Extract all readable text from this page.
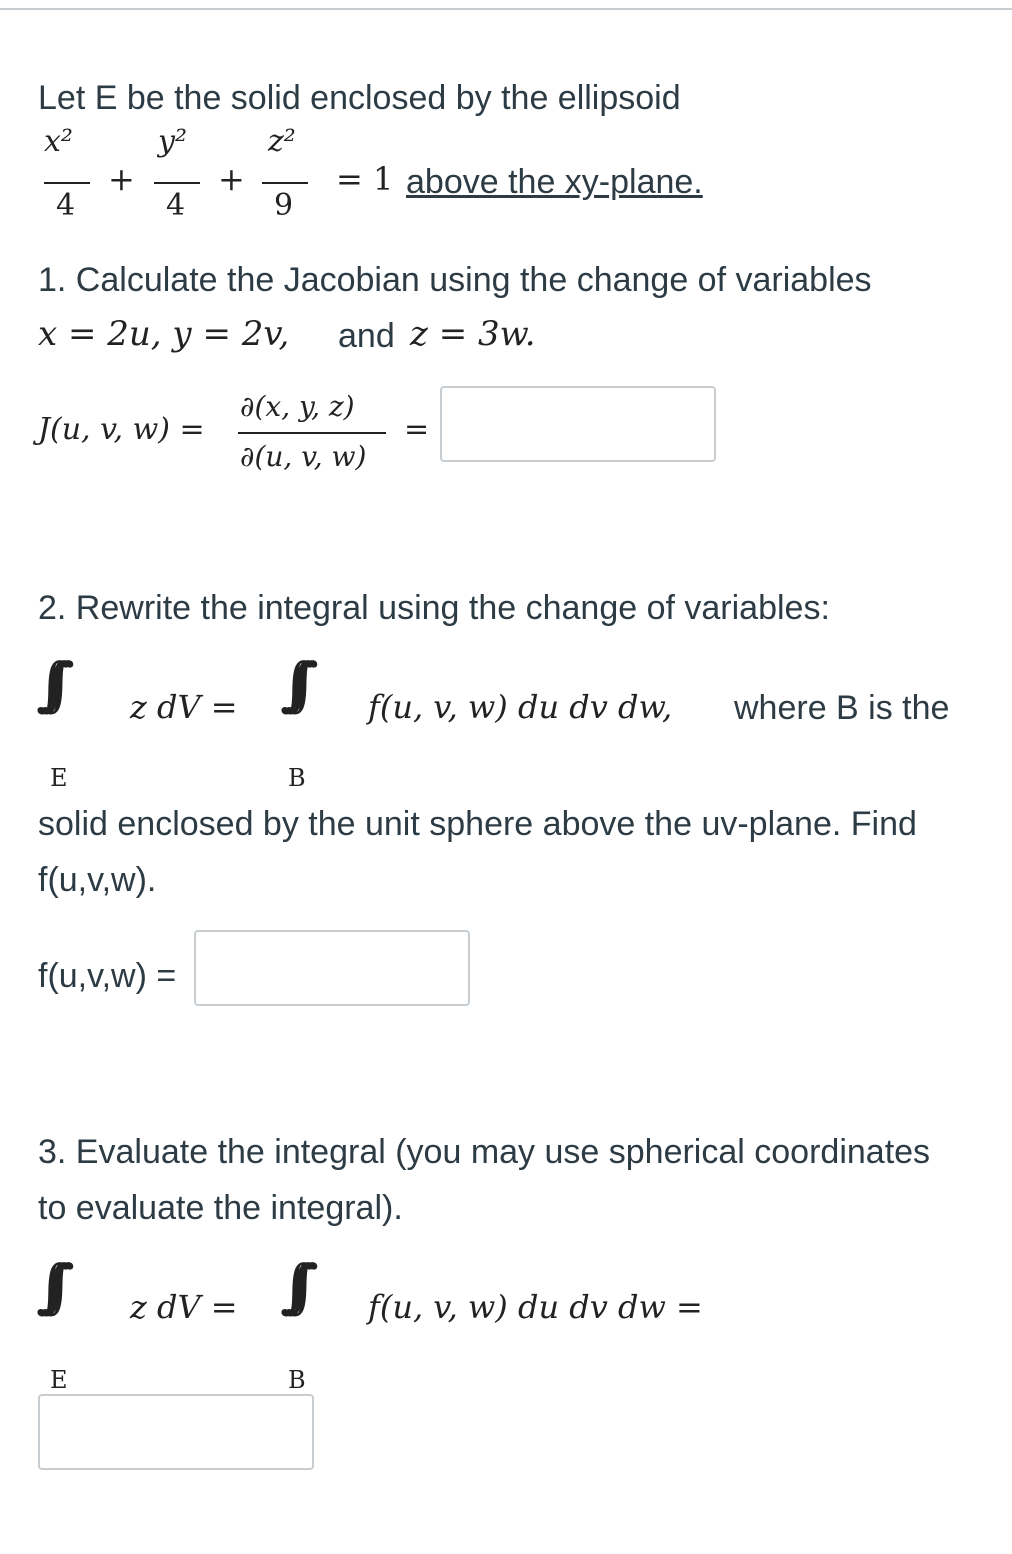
Let E be the solid enclosed by the ellipsoid
x²
4
+
y²
4
+
z²
9
= 1 above the xy-plane.
1. Calculate the Jacobian using the change of variables
x = 2u, y = 2v, and z = 3w.
J(u, v, w) =
∂(x, y, z)
∂(u, v, w)
=
2. Rewrite the integral using the change of variables:
∫∫∫
E
z dV = ∫∫∫
B
f(u, v, w) du dv dw, where B is the
solid enclosed by the unit sphere above the uv-plane. Find
f(u,v,w).
f(u,v,w) =
3. Evaluate the integral (you may use spherical coordinates
to evaluate the integral).
∫∫∫
E
z dV = ∫∫∫
B
f(u, v, w) du dv dw =
